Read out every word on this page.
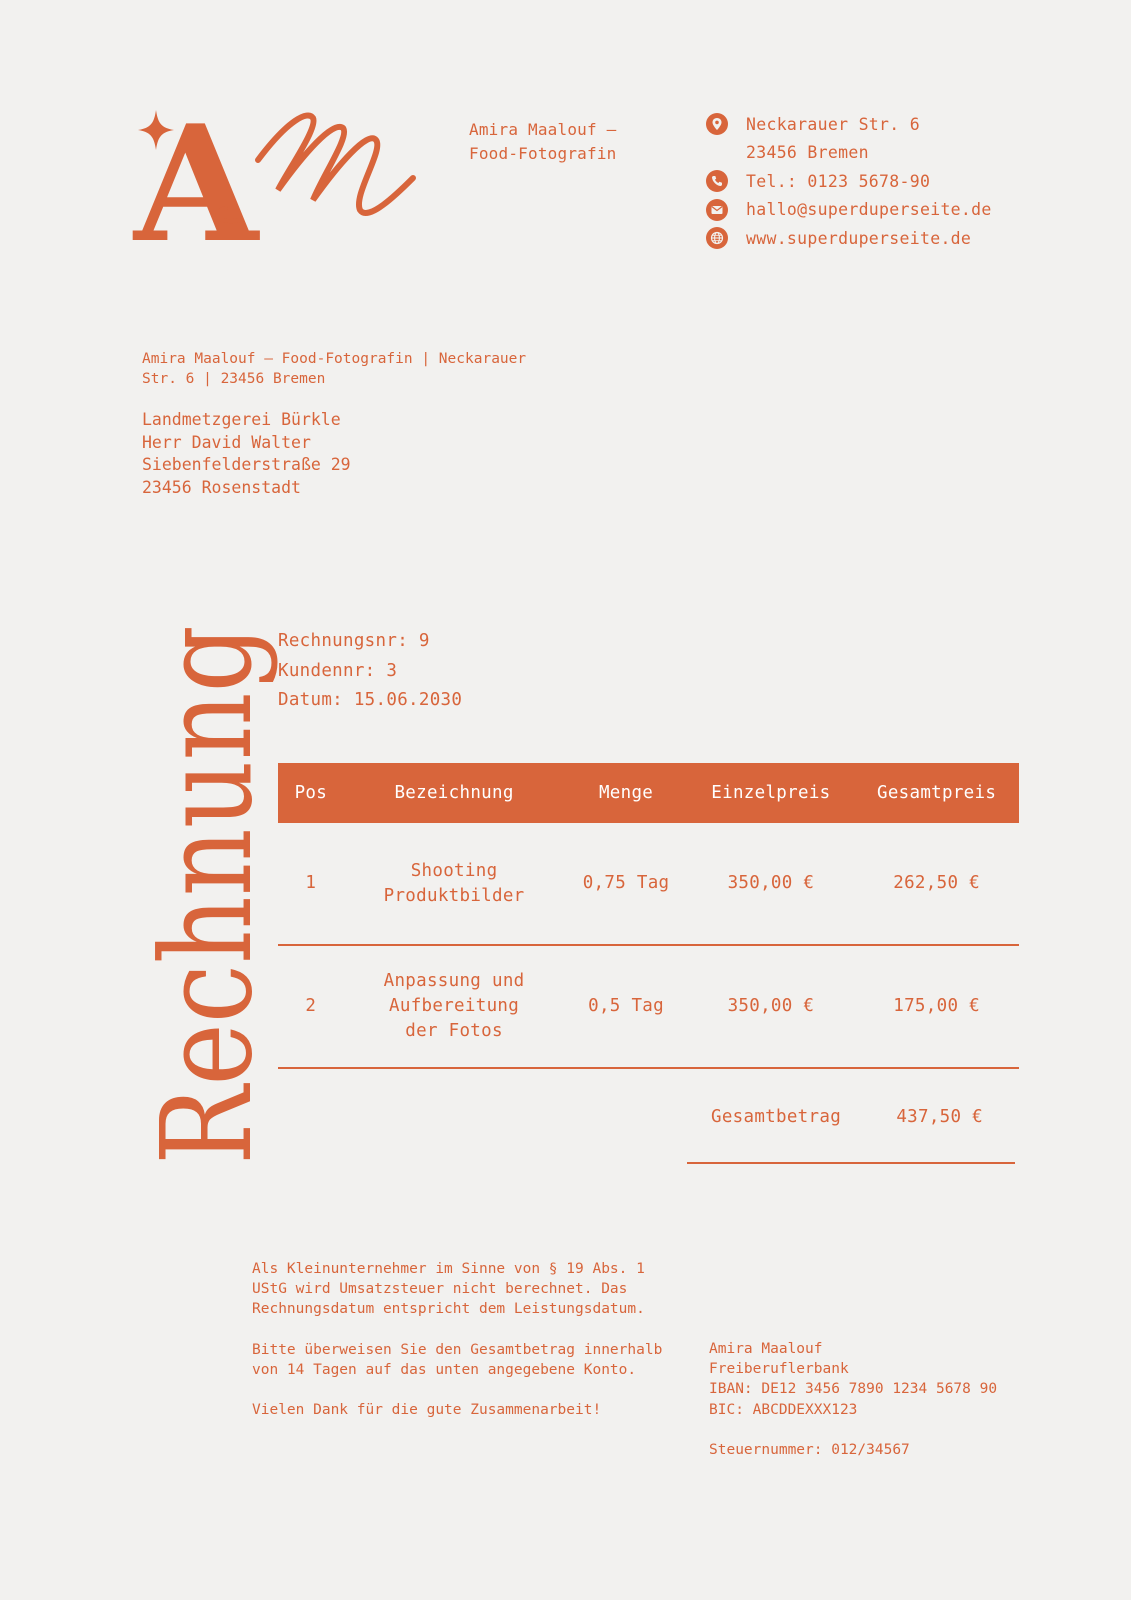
A	Amira Maalouf –
Food-Fotografin
Neckarauer Str. 6
23456 Bremen
Tel.: 0123 5678-90
hallo@superduperseite.de
www.superduperseite.de
Amira Maalouf – Food-Fotografin | Neckarauer Str. 6 | 23456 Bremen
Landmetzgerei Bürkle
Herr David Walter
Siebenfelderstraße 29
23456 Rosenstadt
Rechnung
Rechnungsnr: 9
Kundennr: 3
Datum: 15.06.2030
Pos	Bezeichnung	Menge	Einzelpreis	Gesamtpreis
1	Shooting Produktbilder	0,75 Tag	350,00 €	262,50 €
2	Anpassung und Aufbereitung der Fotos	0,5 Tag	350,00 €	175,00 €
Gesamtbetrag	437,50 €

Als Kleinunternehmer im Sinne von § 19 Abs. 1 UStG wird Umsatzsteuer nicht berechnet. Das Rechnungsdatum entspricht dem Leistungsdatum.

Bitte überweisen Sie den Gesamtbetrag innerhalb von 14 Tagen auf das unten angegebene Konto.

Vielen Dank für die gute Zusammenarbeit!

Amira Maalouf
Freiberuflerbank
IBAN: DE12 3456 7890 1234 5678 90
BIC: ABCDDEXXX123
Steuernummer: 012/34567
